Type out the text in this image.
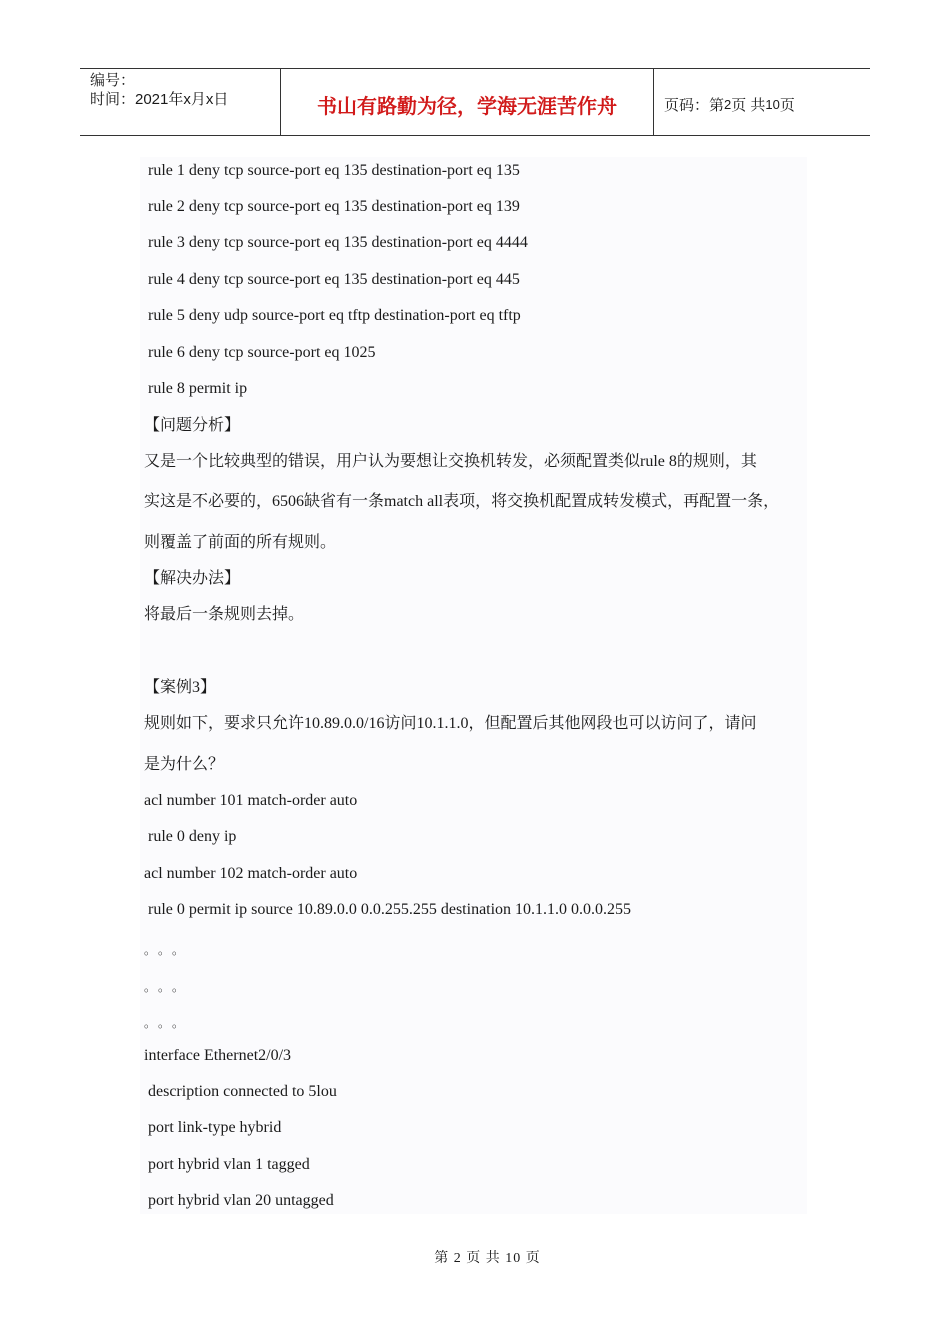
编号：
时间：2021年x月x日	书山有路勤为径，学海无涯苦作舟	页码：第 2 页 共 10 页
rule 1 deny tcp source-port eq 135 destination-port eq 135
rule 2 deny tcp source-port eq 135 destination-port eq 139
rule 3 deny tcp source-port eq 135 destination-port eq 4444
rule 4 deny tcp source-port eq 135 destination-port eq 445
rule 5 deny udp source-port eq tftp destination-port eq tftp
rule 6 deny tcp source-port eq 1025
rule 8 permit ip
【问题分析】
又是一个比较典型的错误，用户认为要想让交换机转发，必须配置类似rule 8的规则，其
实这是不必要的，6506缺省有一条match all表项，将交换机配置成转发模式，再配置一条，
则覆盖了前面的所有规则。
【解决办法】
将最后一条规则去掉。
【案例3】
规则如下，要求只允许10.89.0.0/16访问10.1.1.0，但配置后其他网段也可以访问了，请问
是为什么？
acl number 101 match-order auto
rule 0 deny ip
acl number 102 match-order auto
rule 0 permit ip source 10.89.0.0 0.0.255.255 destination 10.1.1.0 0.0.0.255
。。。
。。。
。。。
interface Ethernet2/0/3
description connected to 5lou
port link-type hybrid
port hybrid vlan 1 tagged
port hybrid vlan 20 untagged
第 2 页 共 10 页
